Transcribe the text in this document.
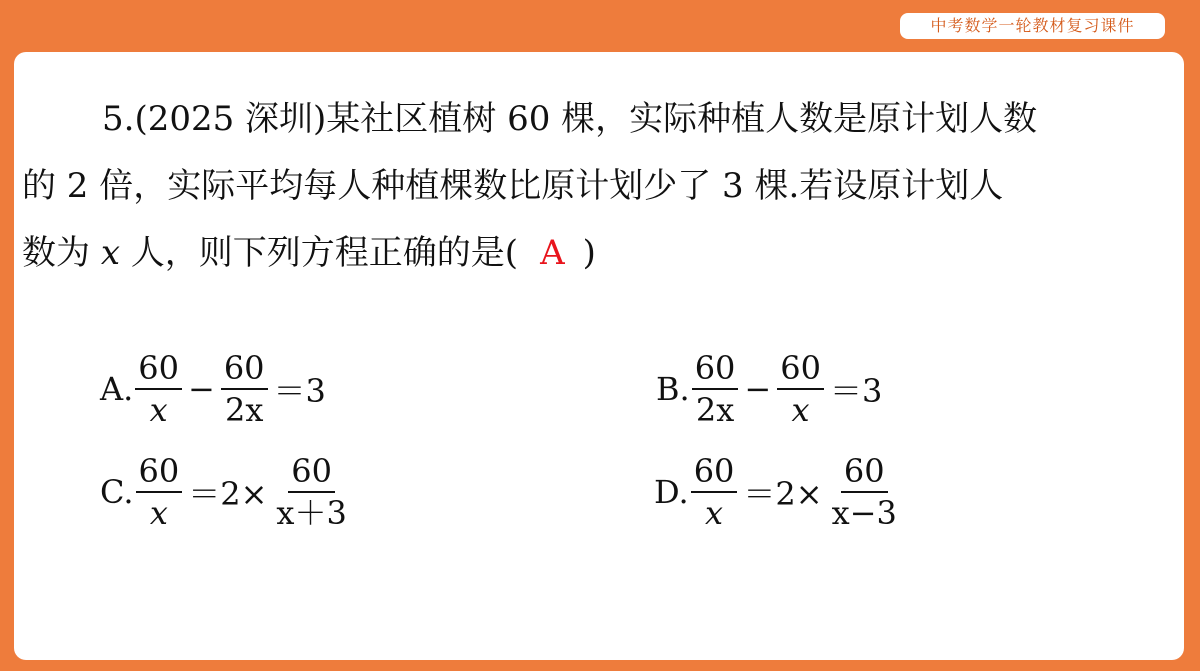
中考数学一轮教材复习课件
5.(2025 深圳)某社区植树 60 棵，实际种植人数是原计划人数
的 2 倍，实际平均每人种植棵数比原计划少了 3 棵.若设原计划人
数为 x 人，则下列方程正确的是( A )
A. $\frac{60}{x} - \frac{60}{2x} =3$	B. $\frac{60}{2x} - \frac{60}{x} =3$
C. $\frac{60}{x} =2\times \frac{60}{x+3}$	D. $\frac{60}{x} =2\times \frac{60}{x-3}$
